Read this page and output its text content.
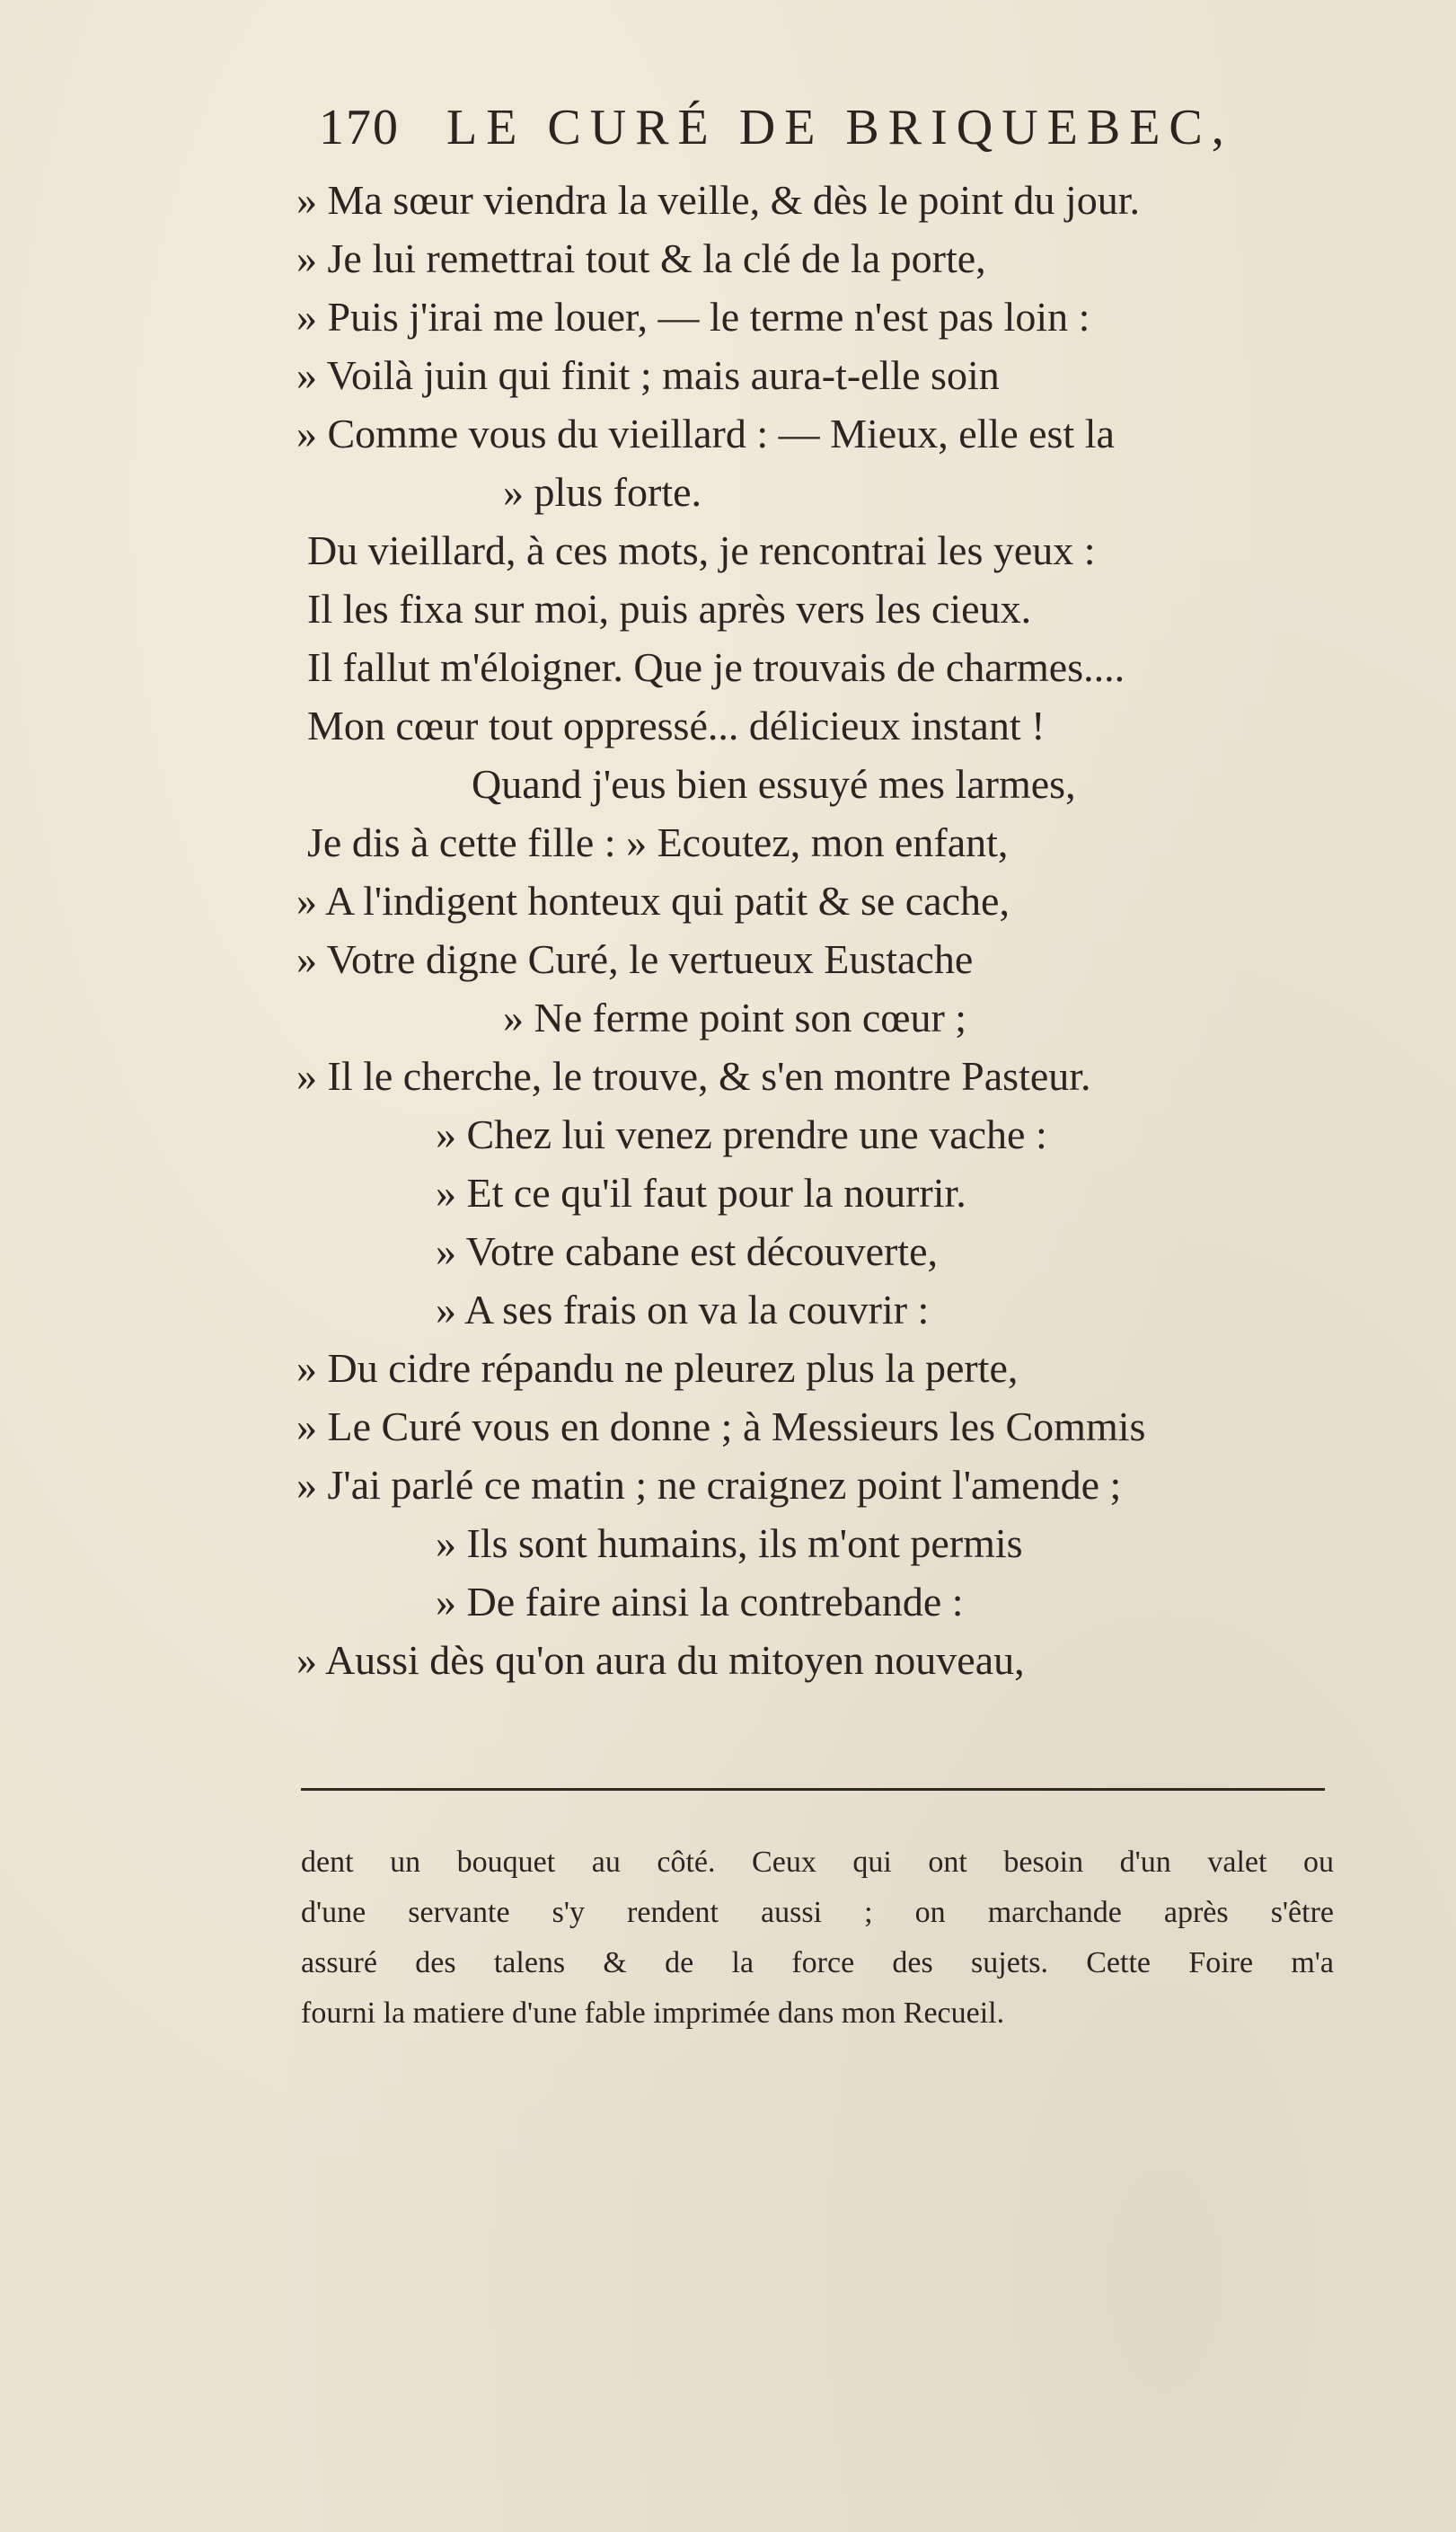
170 LE CURÉ DE BRIQUEBEC,
» Ma sœur viendra la veille, & dès le point du jour.
» Je lui remettrai tout & la clé de la porte,
» Puis j'irai me louer, — le terme n'est pas loin :
» Voilà juin qui finit ; mais aura-t-elle soin
» Comme vous du vieillard : — Mieux, elle est la
» plus forte.
Du vieillard, à ces mots, je rencontrai les yeux :
Il les fixa sur moi, puis après vers les cieux.
Il fallut m'éloigner. Que je trouvais de charmes....
Mon cœur tout oppressé... délicieux instant !
Quand j'eus bien essuyé mes larmes,
Je dis à cette fille : » Ecoutez, mon enfant,
» A l'indigent honteux qui patit & se cache,
» Votre digne Curé, le vertueux Eustache
» Ne ferme point son cœur ;
» Il le cherche, le trouve, & s'en montre Pasteur.
» Chez lui venez prendre une vache :
» Et ce qu'il faut pour la nourrir.
» Votre cabane est découverte,
» A ses frais on va la couvrir :
» Du cidre répandu ne pleurez plus la perte,
» Le Curé vous en donne ; à Messieurs les Commis
» J'ai parlé ce matin ; ne craignez point l'amende ;
» Ils sont humains, ils m'ont permis
» De faire ainsi la contrebande :
» Aussi dès qu'on aura du mitoyen nouveau,
dent un bouquet au côté. Ceux qui ont besoin d'un valet ou
d'une servante s'y rendent aussi ; on marchande après s'être
assuré des talens & de la force des sujets. Cette Foire m'a
fourni la matiere d'une fable imprimée dans mon Recueil.
